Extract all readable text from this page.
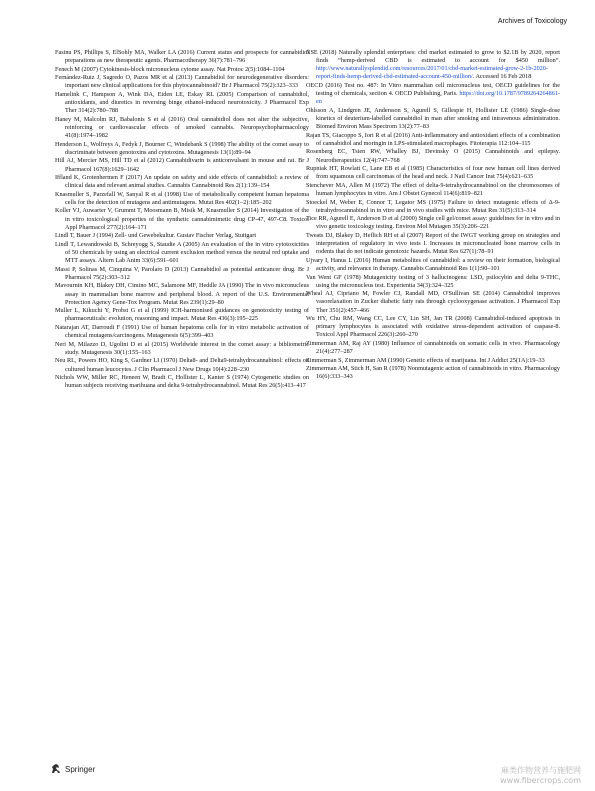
Archives of Toxicology

Fasinu PS, Phillips S, ElSohly MA, Walker LA (2016) Current status and prospects for cannabidiol preparations as new therapeutic agents. Pharmacotherapy 36(7):781–796

Fenech M (2007) Cytokinesis-block micronucleus cytome assay. Nat Protoc 2(5):1084–1104

Fernández-Ruiz J, Sagredo O, Pazos MR et al (2013) Cannabidiol for neurodegenerative disorders: important new clinical applications for this phytocannabinoid? Br J Pharmacol 75(2):323–333

Hamelink C, Hampson A, Wink DA, Eiden LE, Eskay RL (2005) Comparison of cannabidiol, antioxidants, and diuretics in reversing binge ethanol-induced neurotoxicity. J Pharmacol Exp Ther 314(2):780–788

Haney M, Malcolm RJ, Babalonis S et al (2016) Oral cannabidiol does not alter the subjective, reinforcing or cardiovascular effects of smoked cannabis. Neuropsychopharmacology 41(8):1974–1982

Henderson L, Wolfreys A, Fedyk J, Bourner C, Windebank S (1998) The ability of the comet assay to discriminate between genotoxins and cytotoxins. Mutagenesis 13(1):89–94

Hill AJ, Mercier MS, Hill TD et al (2012) Cannabidivarin is anticonvulsant in mouse and rat. Br J Pharmacol 167(8):1629–1642

Iffland K, Grotenhermen F (2017) An update on safety and side effects of cannabidiol: a review of clinical data and relevant animal studies. Cannabis Cannabinoid Res 2(1):139–154

Knasmuller S, Parzefall W, Sanyal R et al (1998) Use of metabolically competent human hepatoma cells for the detection of mutagens and antimutagens. Mutat Res 402(1–2):185–202

Koller VJ, Auwarter V, Grummt T, Moosmann B, Misik M, Knasmuller S (2014) Investigation of the in vitro toxicological properties of the synthetic cannabimimetic drug CP-47, 497-C8. Toxicol Appl Pharmacol 277(2):164–171

Lindl T, Bauer J (1994) Zell- und Gewebekultur. Gustav Fischer Verlag, Stuttgart

Lindl T, Lewandowski B, Schreyogg S, Staudte A (2005) An evaluation of the in vitro cytotoxicities of 50 chemicals by using an electrical current exclusion method versus the neutral red uptake and MTT assays. Altern Lab Anim 33(6):591–601

Massi P, Solinas M, Cinquina V, Parolaro D (2013) Cannabidiol as potential anticancer drug. Br J Pharmacol 75(2):303–312

Mavournin KH, Blakey DH, Cimino MC, Salamone MF, Heddle JA (1990) The in vivo micronucleus assay in mammalian bone marrow and peripheral blood. A report of the U.S. Environmental Protection Agency Gene-Tox Program. Mutat Res 239(1):29–80

Muller L, Kikuchi Y, Probst G et al (1999) ICH-harmonised guidances on genotoxicity testing of pharmaceuticals: evolution, reasoning and impact. Mutat Res 436(3):195–225

Natarajan AT, Darroudi F (1991) Use of human hepatoma cells for in vitro metabolic activation of chemical mutagens/carcinogens. Mutagenesis 6(5):399–403

Neri M, Milazzo D, Ugolini D et al (2015) Worldwide interest in the comet assay: a bibliometric study. Mutagenesis 30(1):155–163

Neu RL, Powers HO, King S, Gardner LI (1970) Delta8- and Delta9-tetrahydrocannabinol: effects on cultured human leucocytes. J Clin Pharmacol J New Drugs 10(4):228–230

Nichols WW, Miller RC, Heneen W, Bradt C, Hollister L, Kanter S (1974) Cytogenetic studies on human subjects receiving marihuana and delta 9-tetrahydrocannabinol. Mutat Res 26(5):413–417

NSE (2018) Naturally splendid enterprises: cbd market estimated to grow to $2.1B by 2020, report finds “hemp-derived CBD is estimated to account for $450 million”. http://www.naturallysplendid.com/resources/2017/01/cbd-market-estimated-grow-2-1b-2020-report-finds-hemp-derived-cbd-estimated-account-450-million/. Accessed 16 Feb 2018

OECD (2016) Test no. 487: In Vitro mammalian cell micronucleus test, OECD guidelines for the testing of chemicals, section 4. OECD Publishing, Paris. https://doi.org/10.1787/9789264264861-en

Ohlsson A, Lindgren JE, Andersson S, Agurell S, Gillespie H, Hollister LE (1986) Single-dose kinetics of deuterium-labelled cannabidiol in man after smoking and intravenous administration. Biomed Environ Mass Spectrom 13(2):77–83

Rajan TS, Giacoppo S, Iori R et al (2016) Anti-inflammatory and antioxidant effects of a combination of cannabidiol and moringin in LPS-stimulated macrophages. Fitoterapia 112:104–115

Rosenberg EC, Tsien RW, Whalley BJ, Devinsky O (2015) Cannabinoids and epilepsy. Neurotherapeutics 12(4):747–768

Rupniak HT, Rowlatt C, Lane EB et al (1985) Characteristics of four new human cell lines derived from squamous cell carcinomas of the head and neck. J Natl Cancer Inst 75(4):621–635

Stenchever MA, Allen M (1972) The effect of delta-9-tetrahydrocannabinol on the chromosomes of human lymphocytes in vitro. Am J Obstet Gynecol 114(6):819–821

Stoeckel M, Weber E, Connor T, Legator MS (1975) Failure to detect mutagenic effects of Δ-9-tetrahydrocannabinol in in vitro and in vivo studies with mice. Mutat Res 31(5):313–314

Tice RR, Agurell E, Anderson D et al (2000) Single cell gel/comet assay: guidelines for in vitro and in vivo genetic toxicology testing. Environ Mol Mutagen 35(3):206–221

Tweats DJ, Blakey D, Heflich RH et al (2007) Report of the IWGT working group on strategies and interpretation of regulatory in vivo tests I. Increases in micronucleated bone marrow cells in rodents that do not indicate genotoxic hazards. Mutat Res 627(1):78–91

Ujvary I, Hanus L (2016) Human metabolites of cannabidiol: a review on their formation, biological activity, and relevance in therapy. Cannabis Cannabinoid Res 1(1):90–101

Van Went GF (1978) Mutagenicity testing of 3 hallucinogens: LSD, psilocybin and delta 9-THC, using the micronucleus test. Experientia 34(3):324–325

Wheal AJ, Cipriano M, Fowler CJ, Randall MD, O'Sullivan SE (2014) Cannabidiol improves vasorelaxation in Zucker diabetic fatty rats through cyclooxygenase activation. J Pharmacol Exp Ther 351(2):457–466

Wu HY, Chu RM, Wang CC, Lee CY, Lin SH, Jan TR (2008) Cannabidiol-induced apoptosis in primary lymphocytes is associated with oxidative stress-dependent activation of caspase-8. Toxicol Appl Pharmacol 226(3):260–270

Zimmerman AM, Raj AY (1980) Influence of cannabinoids on somatic cells in vivo. Pharmacology 21(4):277–287

Zimmerman S, Zimmerman AM (1990) Genetic effects of marijuana. Int J Addict 25(1A):19–33

Zimmerman AM, Stich H, San R (1978) Nonmutagenic action of cannabinoids in vitro. Pharmacology 16(6):333–343

Springer	麻类作物营养与施肥网
www.fibercrops.com
